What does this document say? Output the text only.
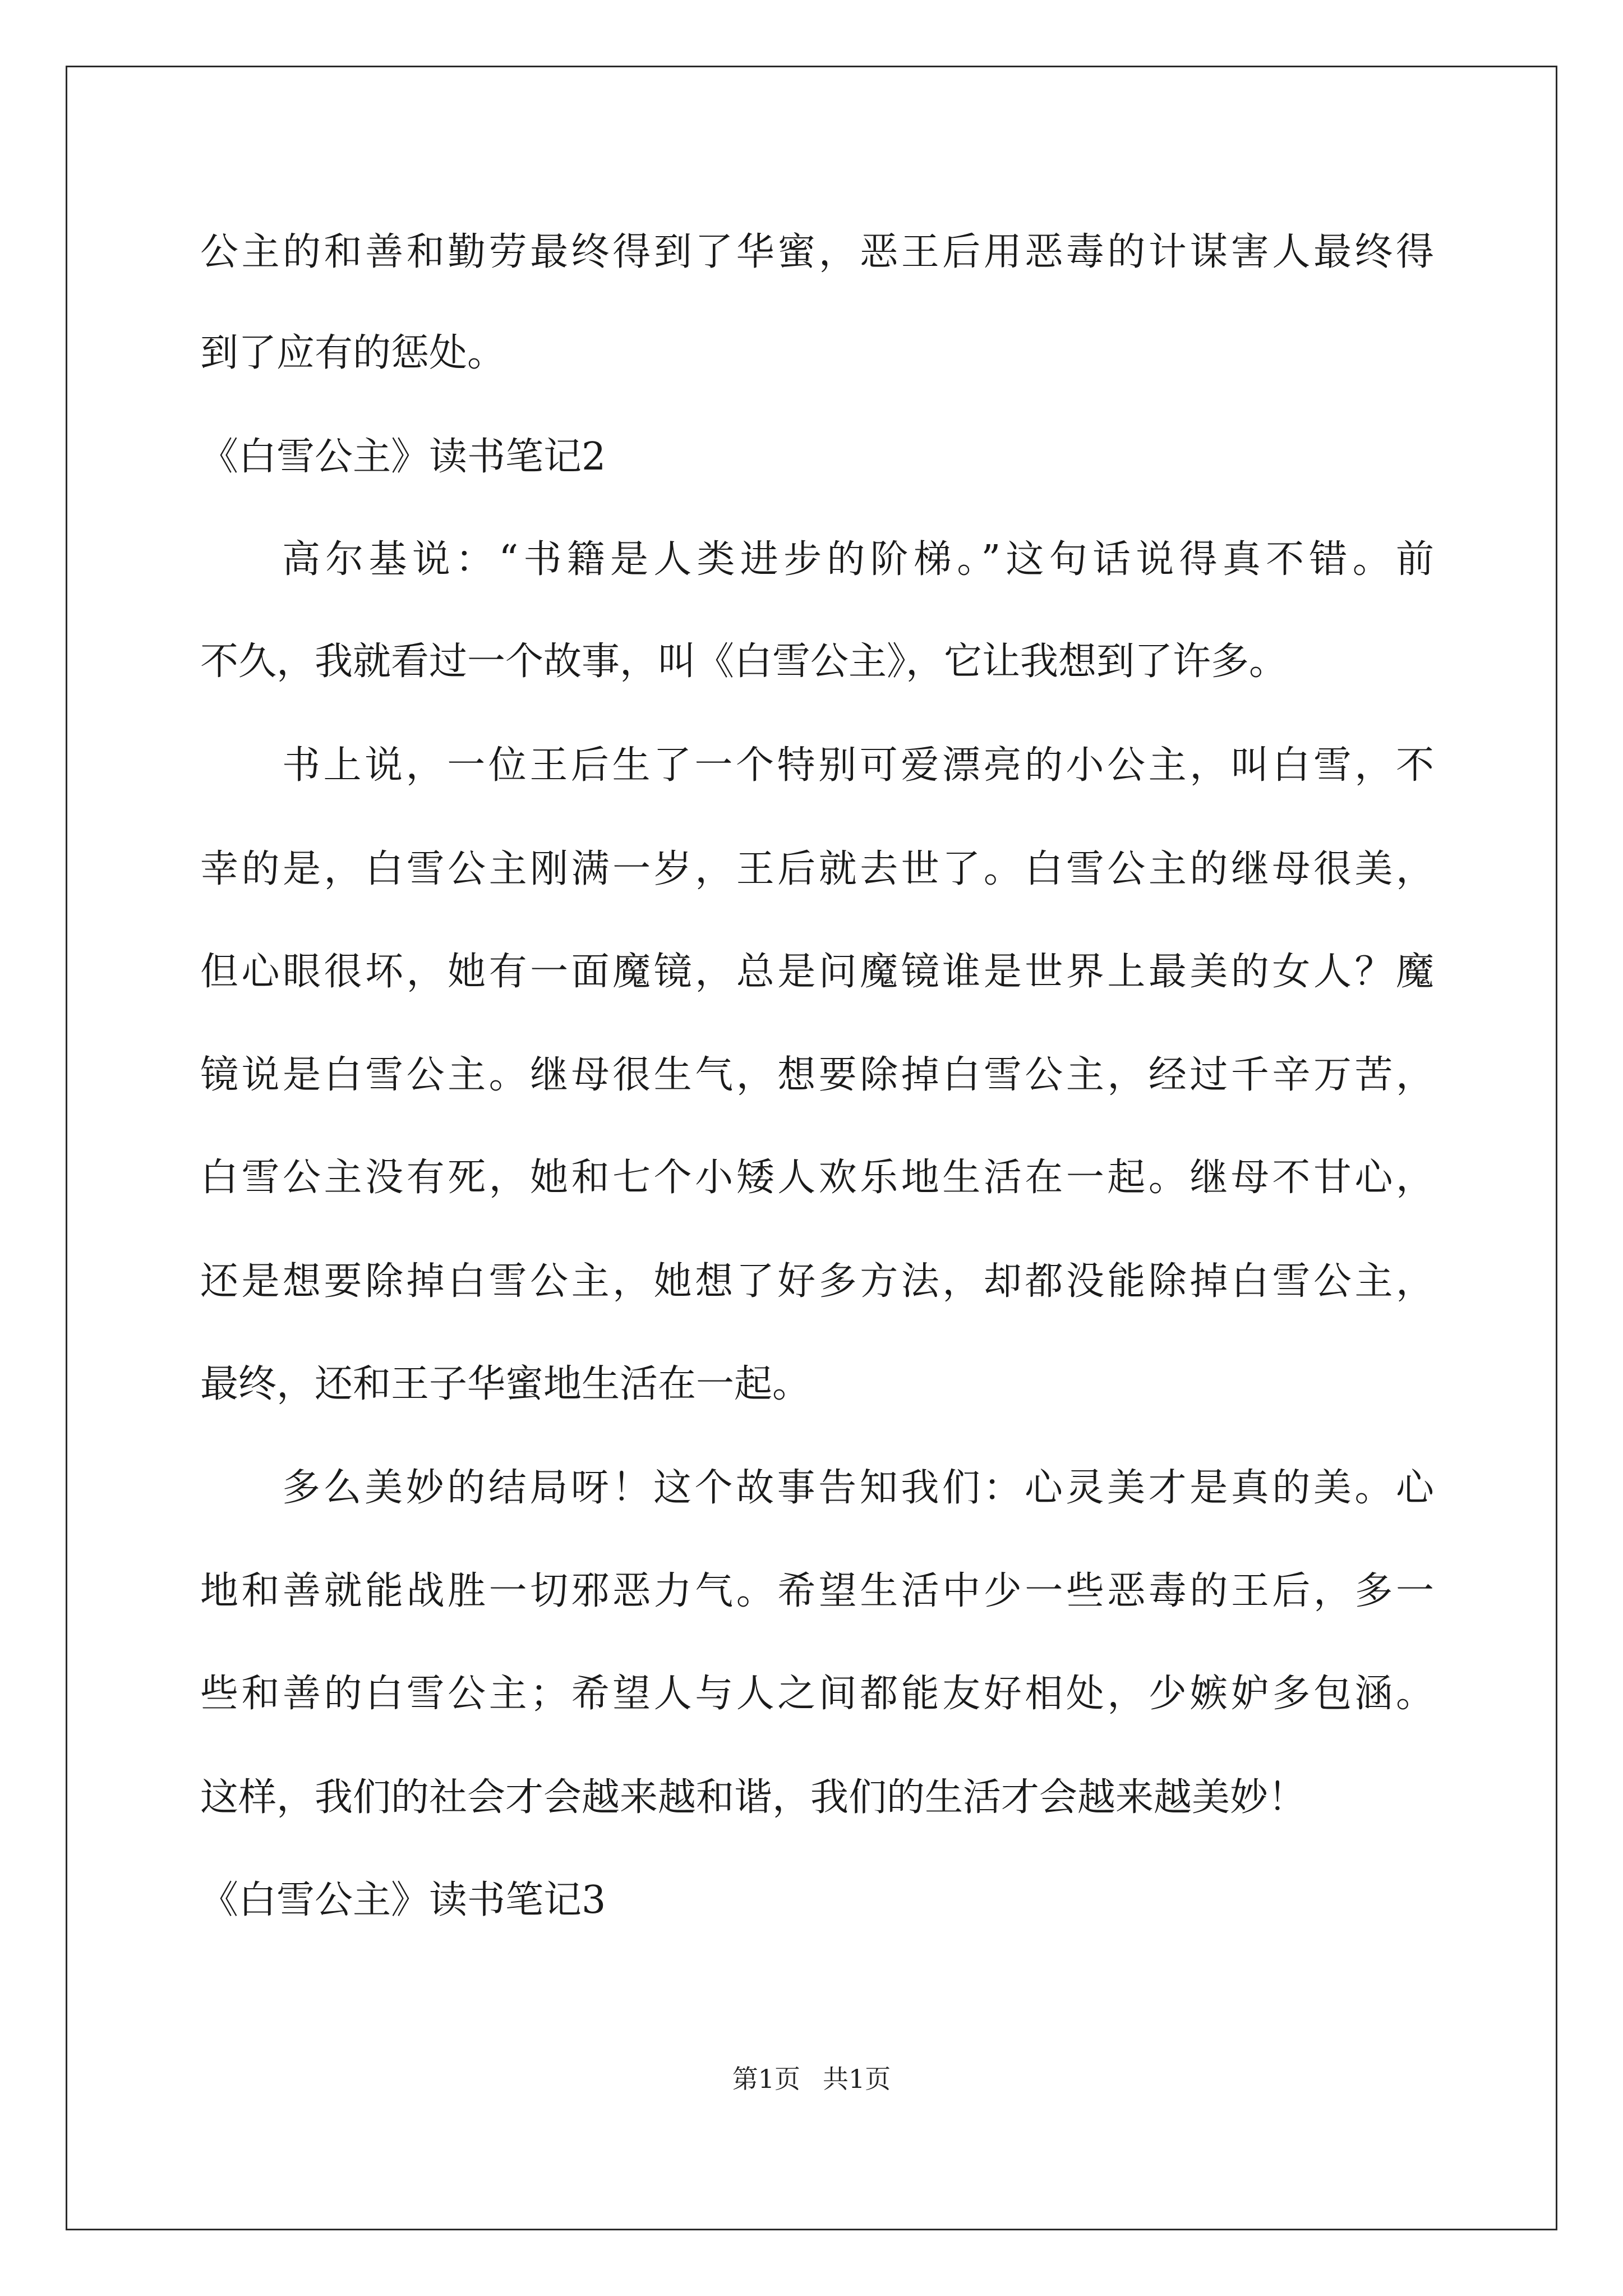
公主的和善和勤劳最终得到了华蜜，恶王后用恶毒的计谋害人最终得
到了应有的惩处。
《白雪公主》读书笔记2
高尔基说：“书籍是人类进步的阶梯。”这句话说得真不错。前
不久，我就看过一个故事，叫《白雪公主》，它让我想到了许多。
书上说，一位王后生了一个特别可爱漂亮的小公主，叫白雪，不
幸的是，白雪公主刚满一岁，王后就去世了。白雪公主的继母很美，
但心眼很坏，她有一面魔镜，总是问魔镜谁是世界上最美的女人？魔
镜说是白雪公主。继母很生气，想要除掉白雪公主，经过千辛万苦，
白雪公主没有死，她和七个小矮人欢乐地生活在一起。继母不甘心，
还是想要除掉白雪公主，她想了好多方法，却都没能除掉白雪公主，
最终，还和王子华蜜地生活在一起。
多么美妙的结局呀！这个故事告知我们：心灵美才是真的美。心
地和善就能战胜一切邪恶力气。希望生活中少一些恶毒的王后，多一
些和善的白雪公主；希望人与人之间都能友好相处，少嫉妒多包涵。
这样，我们的社会才会越来越和谐，我们的生活才会越来越美妙！
《白雪公主》读书笔记3
第1页 共1页
